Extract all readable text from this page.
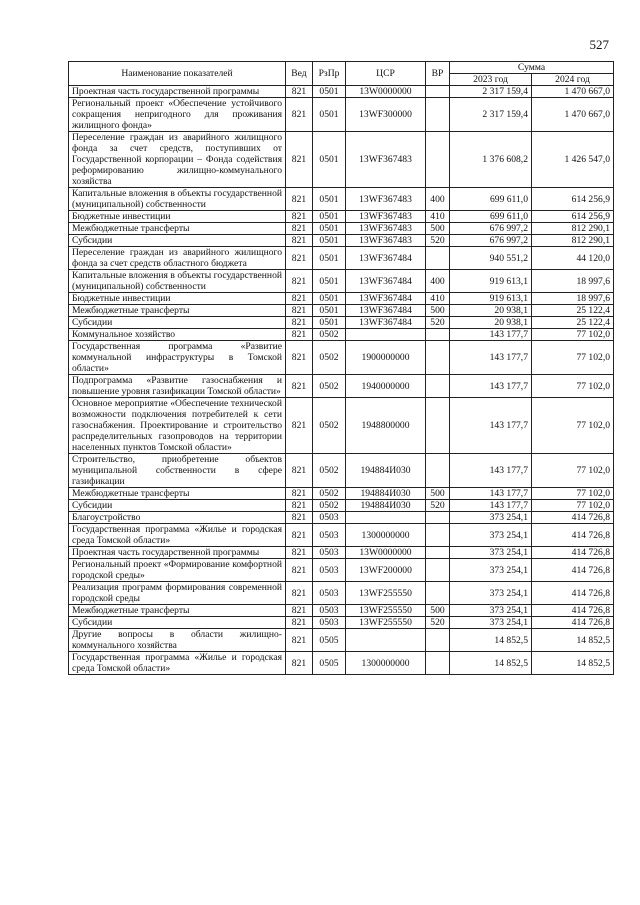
527
Наименование показателей	Вед	РзПр	ЦСР	ВР	Сумма	
					2023 год	2024 год
Проектная часть государственной программы	821	0501	13W0000000		2 317 159,4	1 470 667,0
Региональный проект «Обеспечение устойчивого сокращения непригодного для проживания жилищного фонда»	821	0501	13WF300000		2 317 159,4	1 470 667,0
Переселение граждан из аварийного жилищного фонда за счет средств, поступивших от Государственной корпорации – Фонда содействия реформированию жилищно-коммунального хозяйства	821	0501	13WF367483		1 376 608,2	1 426 547,0
Капитальные вложения в объекты государственной (муниципальной) собственности	821	0501	13WF367483	400	699 611,0	614 256,9
Бюджетные инвестиции	821	0501	13WF367483	410	699 611,0	614 256,9
Межбюджетные трансферты	821	0501	13WF367483	500	676 997,2	812 290,1
Субсидии	821	0501	13WF367483	520	676 997,2	812 290,1
Переселение граждан из аварийного жилищного фонда за счет средств областного бюджета	821	0501	13WF367484		940 551,2	44 120,0
Капитальные вложения в объекты государственной (муниципальной) собственности	821	0501	13WF367484	400	919 613,1	18 997,6
Бюджетные инвестиции	821	0501	13WF367484	410	919 613,1	18 997,6
Межбюджетные трансферты	821	0501	13WF367484	500	20 938,1	25 122,4
Субсидии	821	0501	13WF367484	520	20 938,1	25 122,4
Коммунальное хозяйство	821	0502			143 177,7	77 102,0
Государственная программа «Развитие коммунальной инфраструктуры в Томской области»	821	0502	1900000000		143 177,7	77 102,0
Подпрограмма «Развитие газоснабжения и повышение уровня газификации Томской области»	821	0502	1940000000		143 177,7	77 102,0
Основное мероприятие «Обеспечение технической возможности подключения потребителей к сети газоснабжения. Проектирование и строительство распределительных газопроводов на территории населенных пунктов Томской области»	821	0502	1948800000		143 177,7	77 102,0
Строительство, приобретение объектов муниципальной собственности в сфере газификации	821	0502	194884И030		143 177,7	77 102,0
Межбюджетные трансферты	821	0502	194884И030	500	143 177,7	77 102,0
Субсидии	821	0502	194884И030	520	143 177,7	77 102,0
Благоустройство	821	0503			373 254,1	414 726,8
Государственная программа «Жилье и городская среда Томской области»	821	0503	1300000000		373 254,1	414 726,8
Проектная часть государственной программы	821	0503	13W0000000		373 254,1	414 726,8
Региональный проект «Формирование комфортной городской среды»	821	0503	13WF200000		373 254,1	414 726,8
Реализация программ формирования современной городской среды	821	0503	13WF255550		373 254,1	414 726,8
Межбюджетные трансферты	821	0503	13WF255550	500	373 254,1	414 726,8
Субсидии	821	0503	13WF255550	520	373 254,1	414 726,8
Другие вопросы в области жилищно-коммунального хозяйства	821	0505			14 852,5	14 852,5
Государственная программа «Жилье и городская среда Томской области»	821	0505	1300000000		14 852,5	14 852,5
